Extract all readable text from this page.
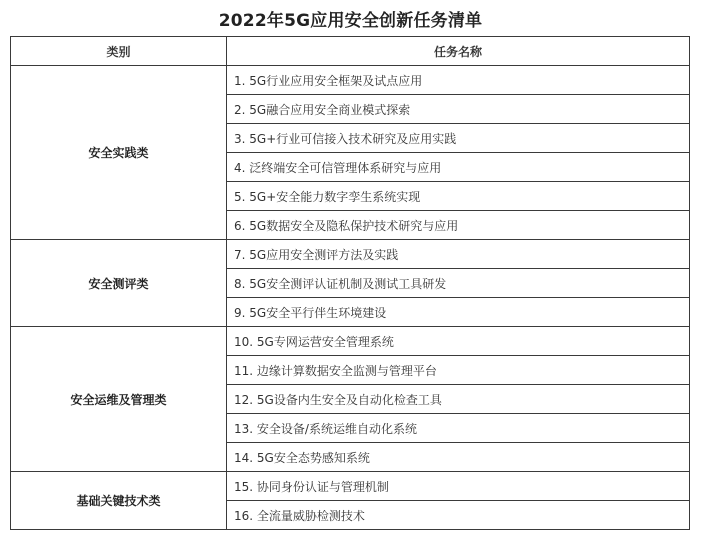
2022年5G应用安全创新任务清单
类别	任务名称
安全实践类	1. 5G行业应用安全框架及试点应用
	2. 5G融合应用安全商业模式探索
	3. 5G+行业可信接入技术研究及应用实践
	4. 泛终端安全可信管理体系研究与应用
	5. 5G+安全能力数字孪生系统实现
	6. 5G数据安全及隐私保护技术研究与应用
安全测评类	7. 5G应用安全测评方法及实践
	8. 5G安全测评认证机制及测试工具研发
	9. 5G安全平行伴生环境建设
安全运维及管理类	10. 5G专网运营安全管理系统
	11. 边缘计算数据安全监测与管理平台
	12. 5G设备内生安全及自动化检查工具
	13. 安全设备/系统运维自动化系统
	14. 5G安全态势感知系统
基础关键技术类	15. 协同身份认证与管理机制
	16. 全流量威胁检测技术
